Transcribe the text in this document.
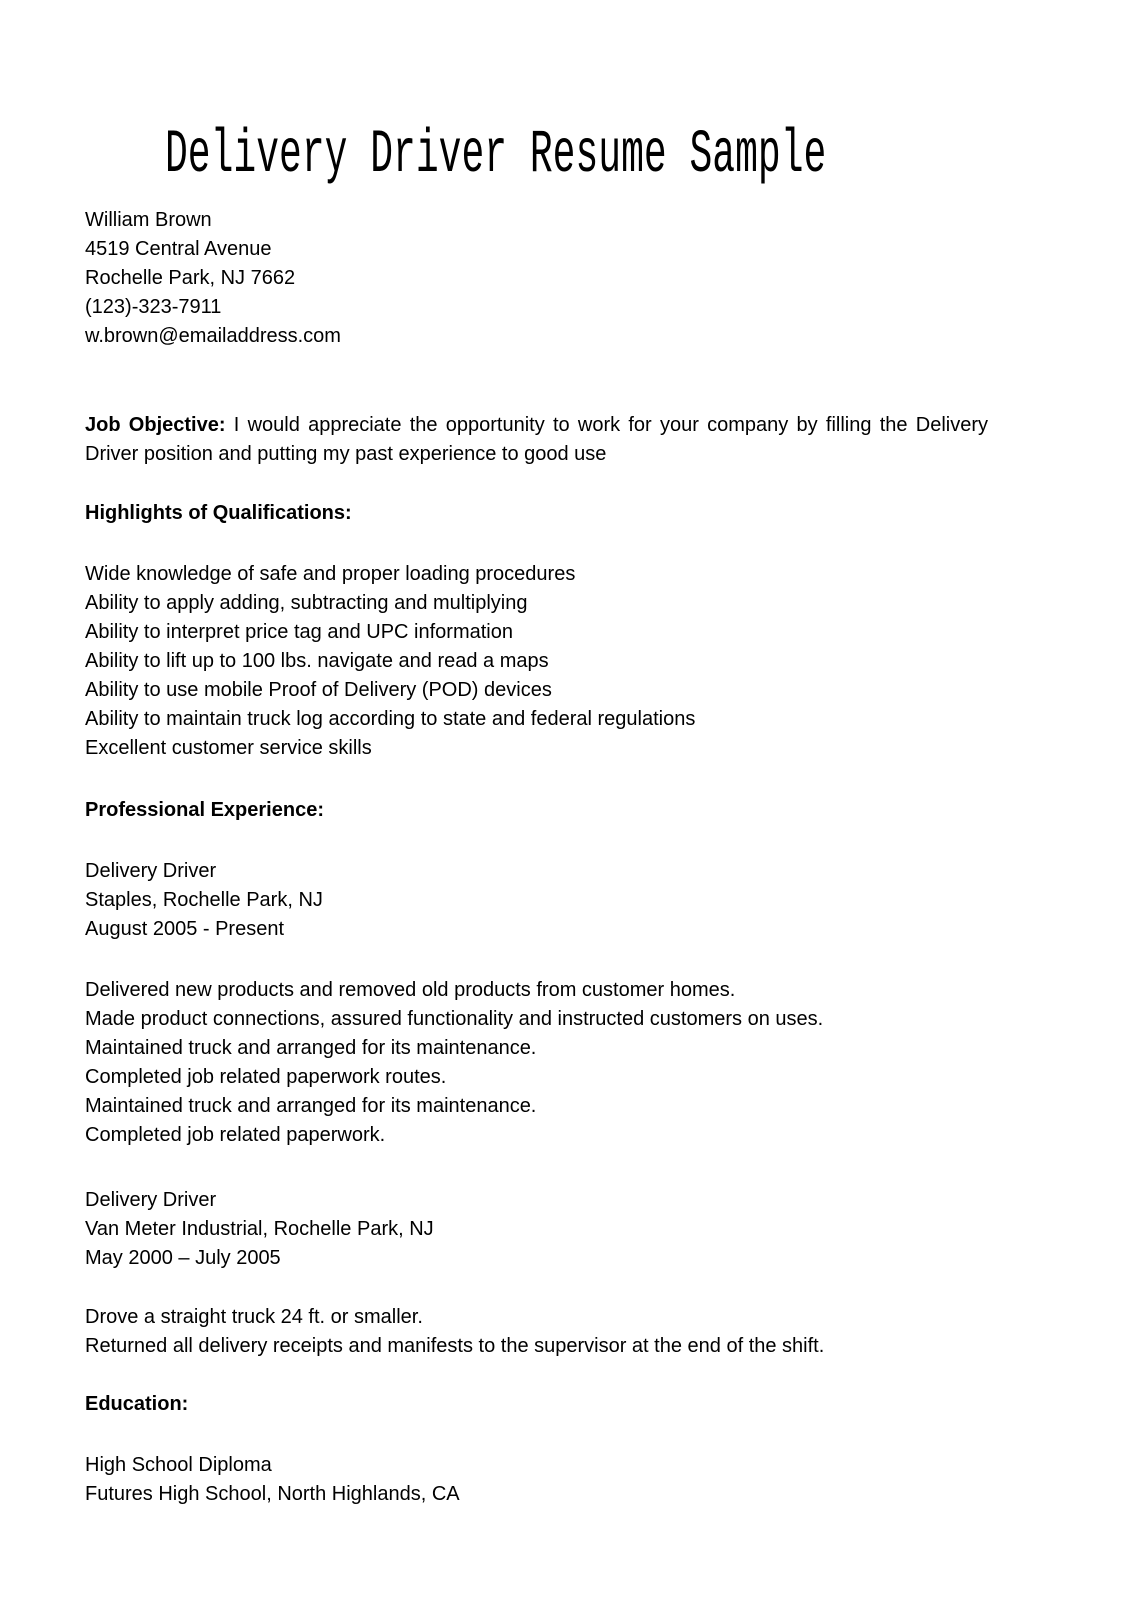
Delivery Driver Resume Sample
William Brown
4519 Central Avenue
Rochelle Park, NJ 7662
(123)-323-7911
w.brown@emailaddress.com

Job Objective: I would appreciate the opportunity to work for your company by filling the Delivery Driver position and putting my past experience to good use

Highlights of Qualifications:
Wide knowledge of safe and proper loading procedures
Ability to apply adding, subtracting and multiplying
Ability to interpret price tag and UPC information
Ability to lift up to 100 lbs. navigate and read a maps
Ability to use mobile Proof of Delivery (POD) devices
Ability to maintain truck log according to state and federal regulations
Excellent customer service skills
Professional Experience:
Delivery Driver
Staples, Rochelle Park, NJ
August 2005 - Present
Delivered new products and removed old products from customer homes.
Made product connections, assured functionality and instructed customers on uses.
Maintained truck and arranged for its maintenance.
Completed job related paperwork routes.
Maintained truck and arranged for its maintenance.
Completed job related paperwork.
Delivery Driver
Van Meter Industrial, Rochelle Park, NJ
May 2000 – July 2005
Drove a straight truck 24 ft. or smaller.
Returned all delivery receipts and manifests to the supervisor at the end of the shift.
Education:
High School Diploma
Futures High School, North Highlands, CA
